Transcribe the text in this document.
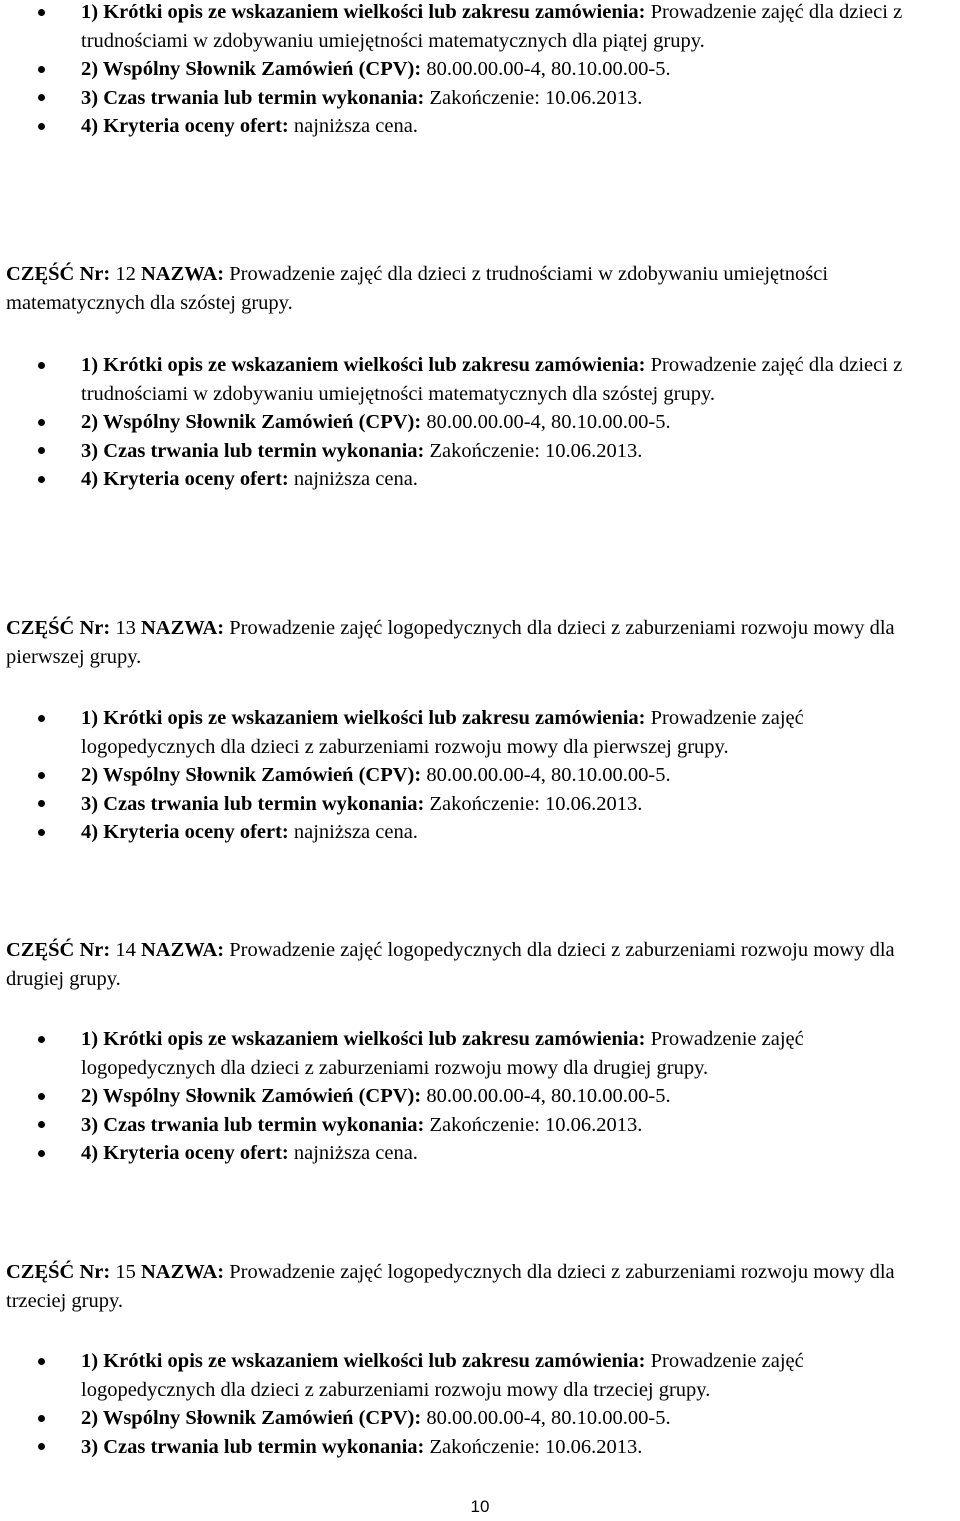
1) Krótki opis ze wskazaniem wielkości lub zakresu zamówienia: Prowadzenie zajęć dla dzieci z trudnościami w zdobywaniu umiejętności matematycznych dla piątej grupy.
2) Wspólny Słownik Zamówień (CPV): 80.00.00.00-4, 80.10.00.00-5.
3) Czas trwania lub termin wykonania: Zakończenie: 10.06.2013.
4) Kryteria oceny ofert: najniższa cena.
CZĘŚĆ Nr: 12 NAZWA: Prowadzenie zajęć dla dzieci z trudnościami w zdobywaniu umiejętności matematycznych dla szóstej grupy.
1) Krótki opis ze wskazaniem wielkości lub zakresu zamówienia: Prowadzenie zajęć dla dzieci z trudnościami w zdobywaniu umiejętności matematycznych dla szóstej grupy.
2) Wspólny Słownik Zamówień (CPV): 80.00.00.00-4, 80.10.00.00-5.
3) Czas trwania lub termin wykonania: Zakończenie: 10.06.2013.
4) Kryteria oceny ofert: najniższa cena.
CZĘŚĆ Nr: 13 NAZWA: Prowadzenie zajęć logopedycznych dla dzieci z zaburzeniami rozwoju mowy dla pierwszej grupy.
1) Krótki opis ze wskazaniem wielkości lub zakresu zamówienia: Prowadzenie zajęć logopedycznych dla dzieci z zaburzeniami rozwoju mowy dla pierwszej grupy.
2) Wspólny Słownik Zamówień (CPV): 80.00.00.00-4, 80.10.00.00-5.
3) Czas trwania lub termin wykonania: Zakończenie: 10.06.2013.
4) Kryteria oceny ofert: najniższa cena.
CZĘŚĆ Nr: 14 NAZWA: Prowadzenie zajęć logopedycznych dla dzieci z zaburzeniami rozwoju mowy dla drugiej grupy.
1) Krótki opis ze wskazaniem wielkości lub zakresu zamówienia: Prowadzenie zajęć logopedycznych dla dzieci z zaburzeniami rozwoju mowy dla drugiej grupy.
2) Wspólny Słownik Zamówień (CPV): 80.00.00.00-4, 80.10.00.00-5.
3) Czas trwania lub termin wykonania: Zakończenie: 10.06.2013.
4) Kryteria oceny ofert: najniższa cena.
CZĘŚĆ Nr: 15 NAZWA: Prowadzenie zajęć logopedycznych dla dzieci z zaburzeniami rozwoju mowy dla trzeciej grupy.
1) Krótki opis ze wskazaniem wielkości lub zakresu zamówienia: Prowadzenie zajęć logopedycznych dla dzieci z zaburzeniami rozwoju mowy dla trzeciej grupy.
2) Wspólny Słownik Zamówień (CPV): 80.00.00.00-4, 80.10.00.00-5.
3) Czas trwania lub termin wykonania: Zakończenie: 10.06.2013.
10
